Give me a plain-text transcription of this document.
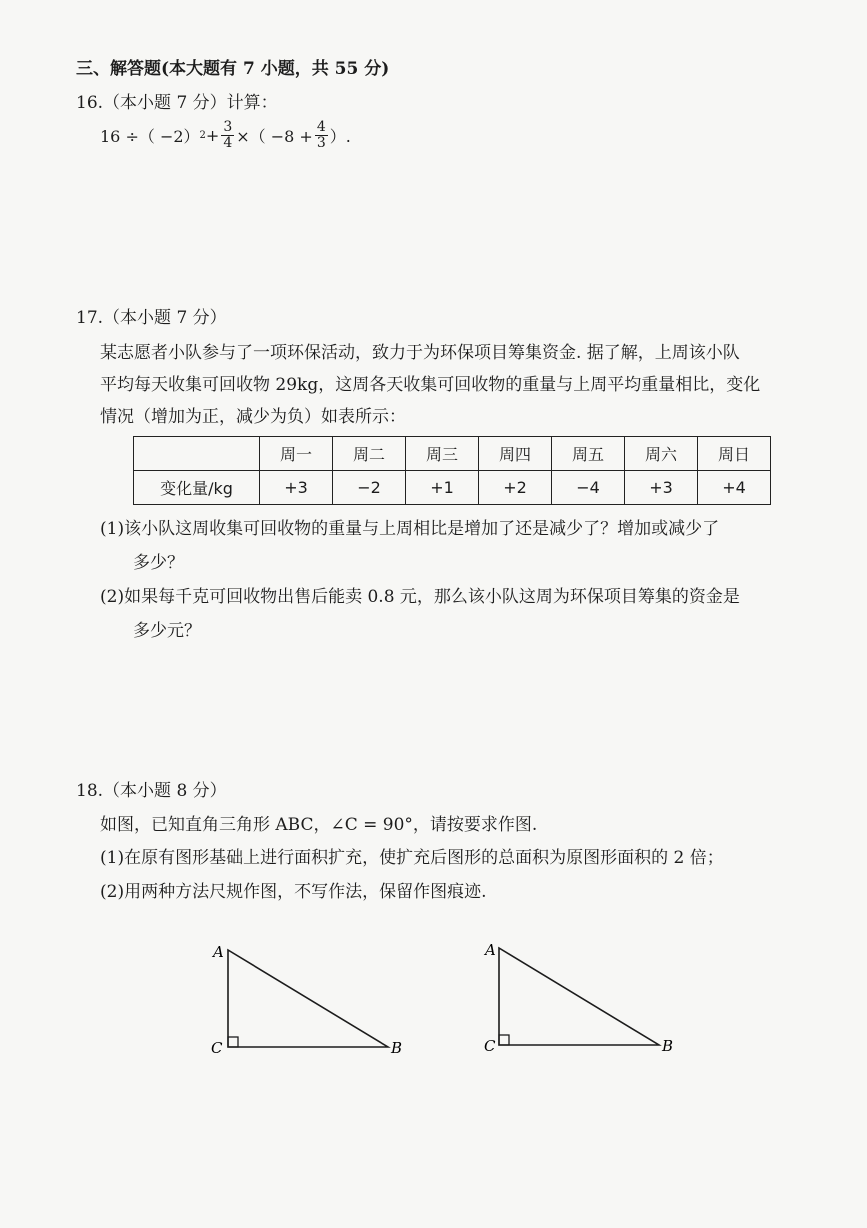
三、解答题(本大题有 7 小题，共 55 分)
16.（本小题 7 分）计算：
16 ÷（ −2） $2 + \frac{3}{4}$ ×（ $-8 + \frac{4}{3}$ ）.
17.（本小题 7 分）
某志愿者小队参与了一项环保活动，致力于为环保项目筹集资金. 据了解，上周该小队
平均每天收集可回收物 29kg，这周各天收集可回收物的重量与上周平均重量相比，变化
情况（增加为正，减少为负）如表所示：
	周一	周二	周三	周四	周五	周六	周日
变化量/kg	+3	−2	+1	+2	−4	+3	+4
(1)该小队这周收集可回收物的重量与上周相比是增加了还是减少了？增加或减少了
多少？
(2)如果每千克可回收物出售后能卖 0.8 元，那么该小队这周为环保项目筹集的资金是
多少元？
18.（本小题 8 分）
如图，已知直角三角形 ABC，∠C = 90°，请按要求作图.
(1)在原有图形基础上进行面积扩充，使扩充后图形的总面积为原图形面积的 2 倍；
(2)用两种方法尺规作图，不写作法，保留作图痕迹.
A
C	B
A
C	B
